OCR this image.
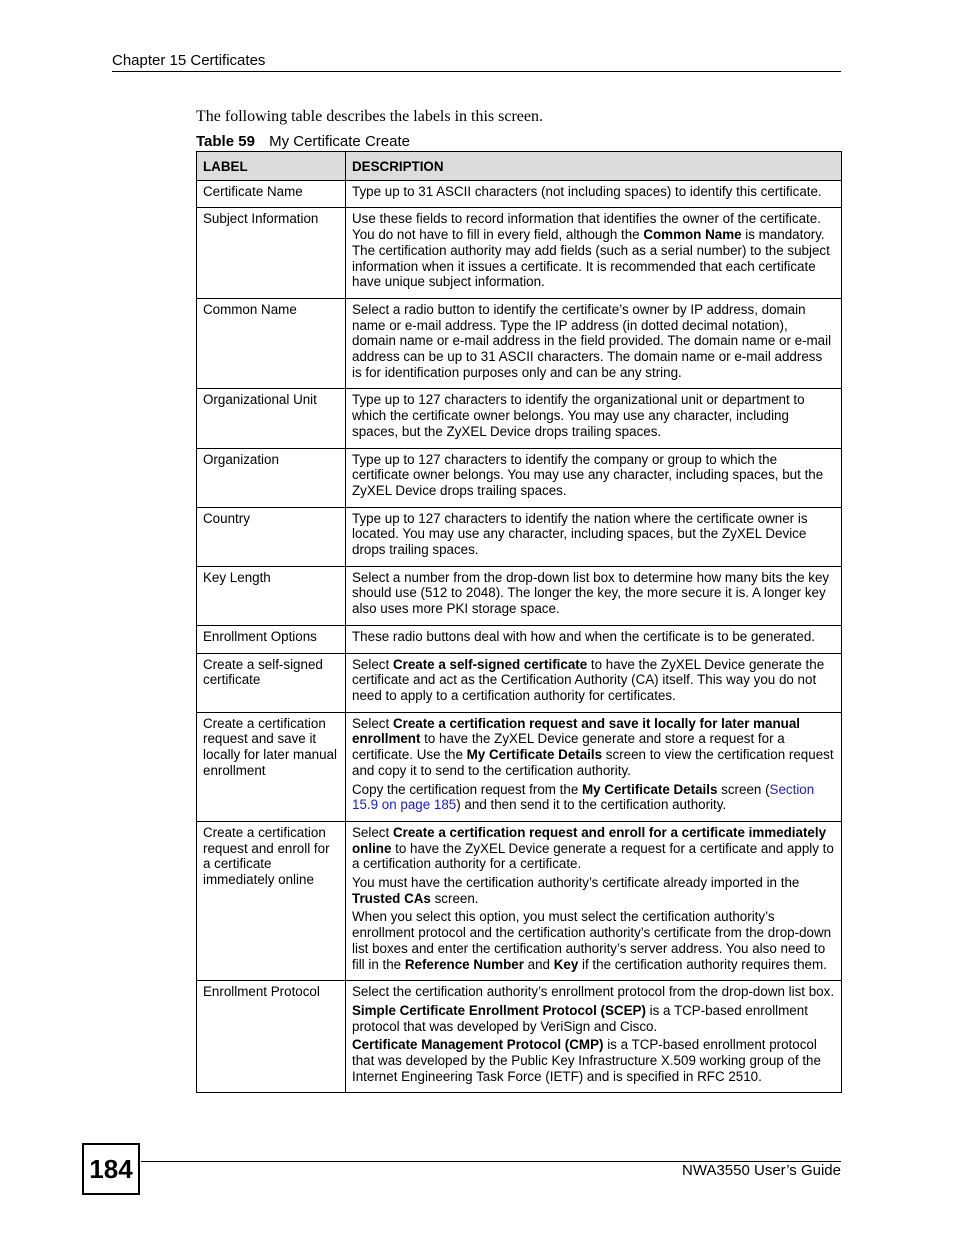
Chapter 15 Certificates
The following table describes the labels in this screen.
Table 59 My Certificate Create
LABEL	DESCRIPTION
Certificate Name	Type up to 31 ASCII characters (not including spaces) to identify this certificate.

Subject Information	Use these fields to record information that identifies the owner of the certificate. You do not have to fill in every field, although the Common Name is mandatory. The certification authority may add fields (such as a serial number) to the subject information when it issues a certificate. It is recommended that each certificate have unique subject information.

Common Name	Select a radio button to identify the certificate’s owner by IP address, domain name or e-mail address. Type the IP address (in dotted decimal notation), domain name or e-mail address in the field provided. The domain name or e-mail address can be up to 31 ASCII characters. The domain name or e-mail address is for identification purposes only and can be any string.

Organizational Unit	Type up to 127 characters to identify the organizational unit or department to which the certificate owner belongs. You may use any character, including spaces, but the ZyXEL Device drops trailing spaces.

Organization	Type up to 127 characters to identify the company or group to which the certificate owner belongs. You may use any character, including spaces, but the ZyXEL Device drops trailing spaces.

Country	Type up to 127 characters to identify the nation where the certificate owner is located. You may use any character, including spaces, but the ZyXEL Device drops trailing spaces.

Key Length	Select a number from the drop-down list box to determine how many bits the key should use (512 to 2048). The longer the key, the more secure it is. A longer key also uses more PKI storage space.

Enrollment Options	These radio buttons deal with how and when the certificate is to be generated.

Create a self-signed certificate	Select Create a self-signed certificate to have the ZyXEL Device generate the certificate and act as the Certification Authority (CA) itself. This way you do not need to apply to a certification authority for certificates.

Create a certification request and save it locally for later manual enrollment	Select Create a certification request and save it locally for later manual enrollment to have the ZyXEL Device generate and store a request for a certificate. Use the My Certificate Details screen to view the certification request and copy it to send to the certification authority.

Copy the certification request from the My Certificate Details screen (Section 15.9 on page 185) and then send it to the certification authority.

Create a certification request and enroll for a certificate immediately online	Select Create a certification request and enroll for a certificate immediately online to have the ZyXEL Device generate a request for a certificate and apply to a certification authority for a certificate.

You must have the certification authority’s certificate already imported in the Trusted CAs screen.

When you select this option, you must select the certification authority’s enrollment protocol and the certification authority’s certificate from the drop-down list boxes and enter the certification authority’s server address. You also need to fill in the Reference Number and Key if the certification authority requires them.

Enrollment Protocol	Select the certification authority’s enrollment protocol from the drop-down list box.

Simple Certificate Enrollment Protocol (SCEP) is a TCP-based enrollment protocol that was developed by VeriSign and Cisco.

Certificate Management Protocol (CMP) is a TCP-based enrollment protocol that was developed by the Public Key Infrastructure X.509 working group of the Internet Engineering Task Force (IETF) and is specified in RFC 2510.

184	NWA3550 User’s Guide
